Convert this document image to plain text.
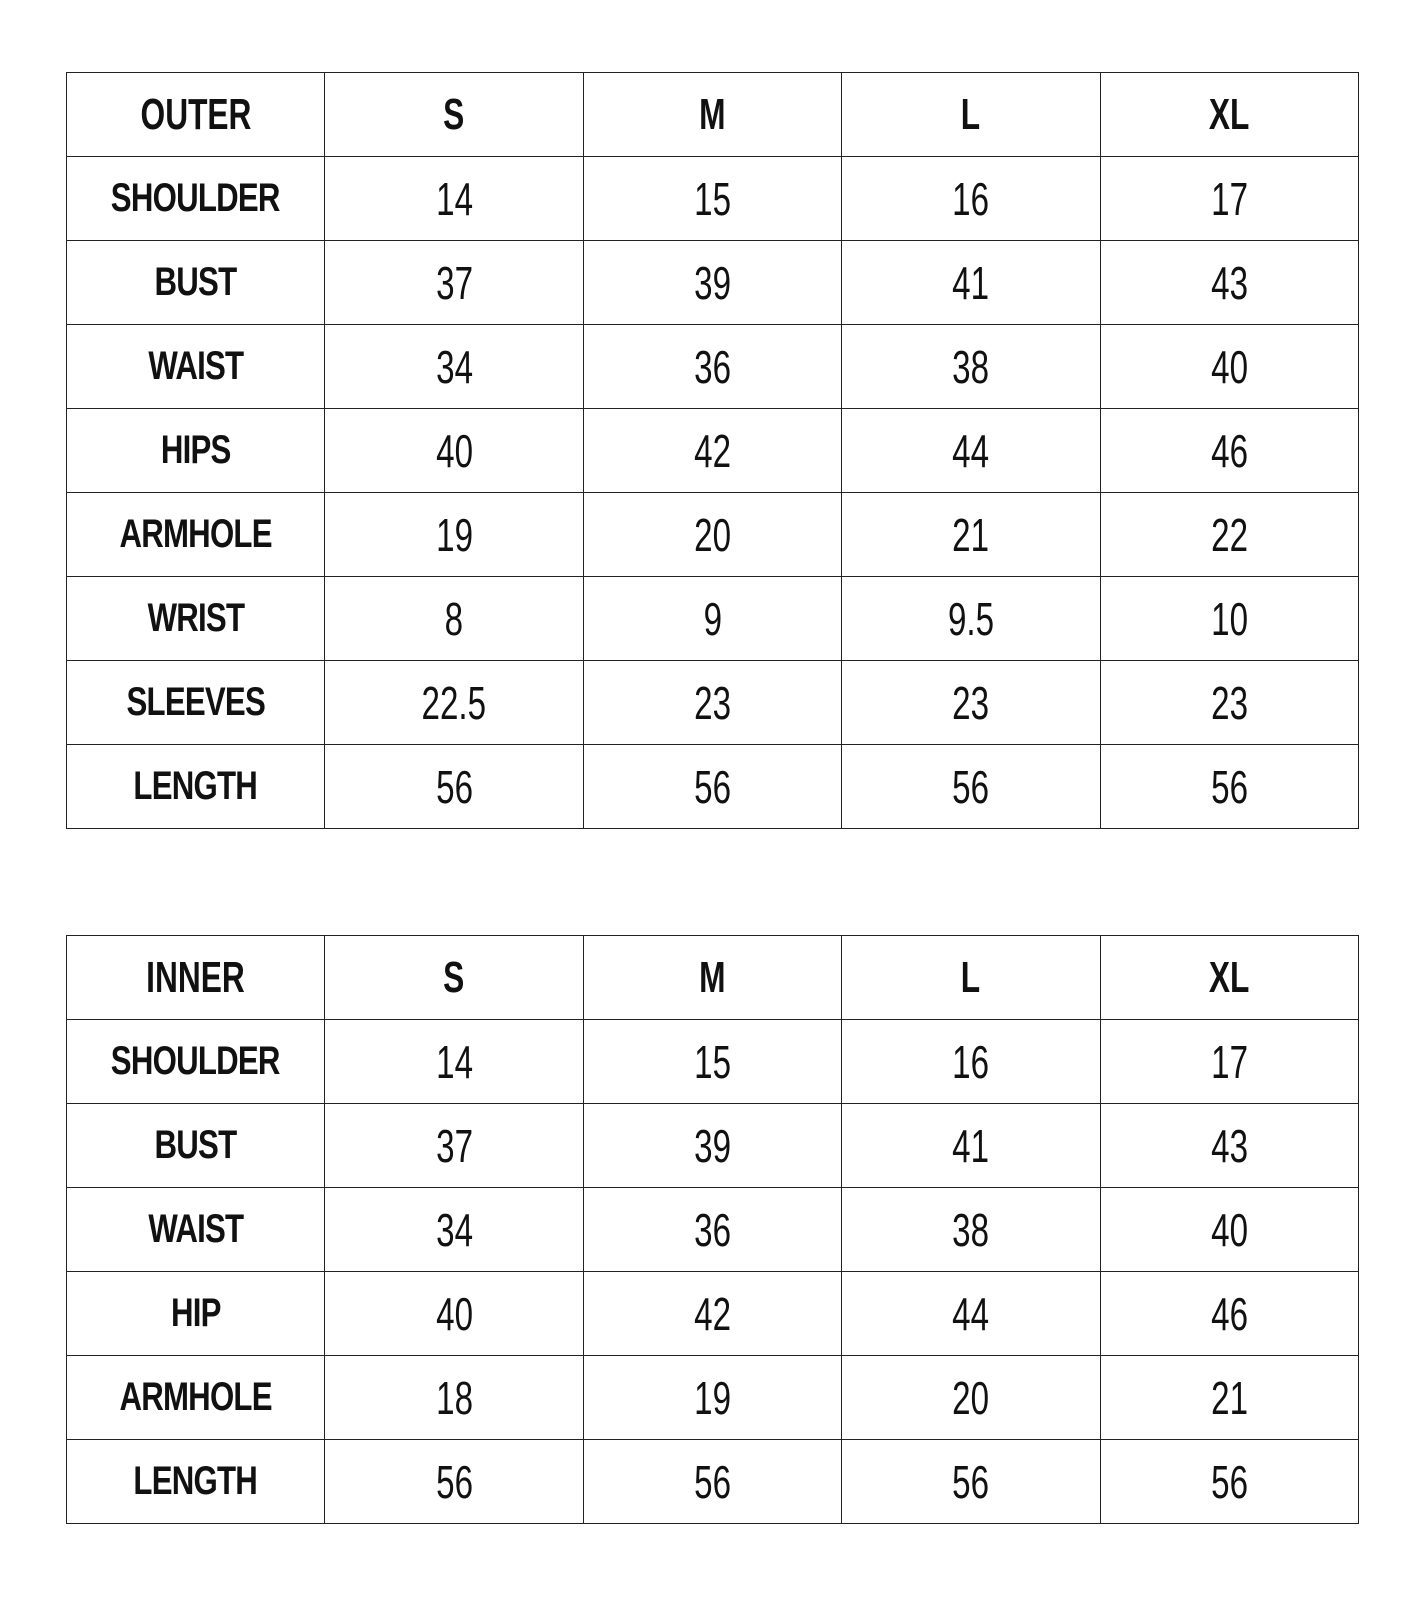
OUTER	S	M	L	XL
SHOULDER	14	15	16	17
BUST	37	39	41	43
WAIST	34	36	38	40
HIPS	40	42	44	46
ARMHOLE	19	20	21	22
WRIST	8	9	9.5	10
SLEEVES	22.5	23	23	23
LENGTH	56	56	56	56
INNER	S	M	L	XL
SHOULDER	14	15	16	17
BUST	37	39	41	43
WAIST	34	36	38	40
HIP	40	42	44	46
ARMHOLE	18	19	20	21
LENGTH	56	56	56	56
